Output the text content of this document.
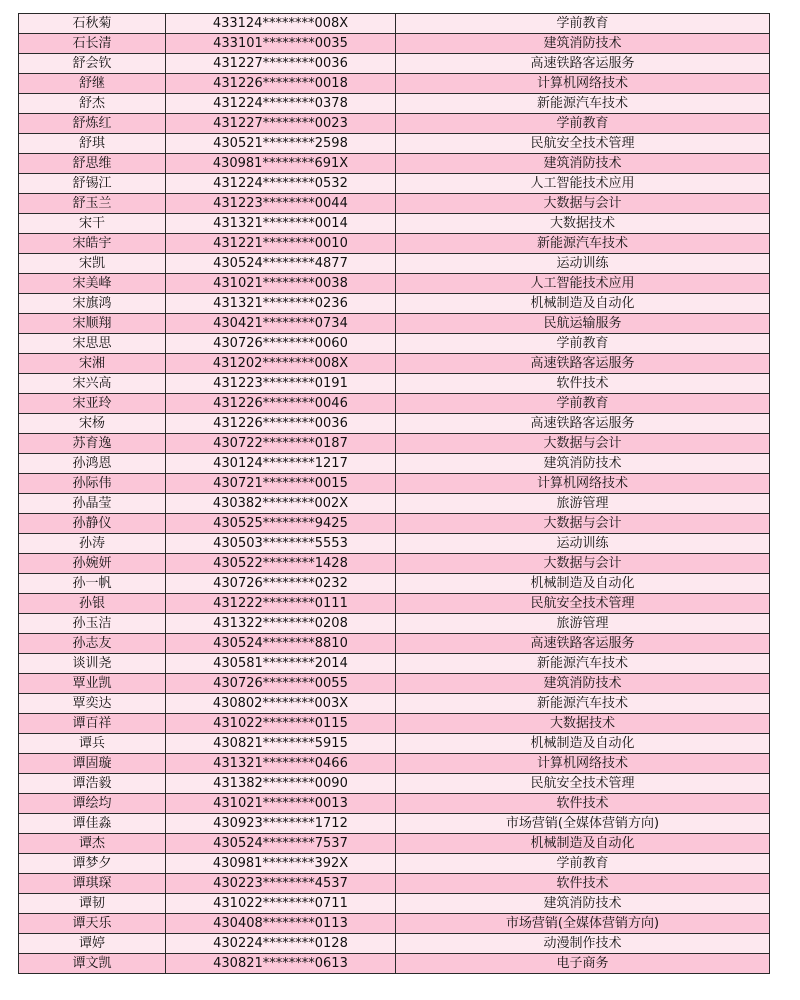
石秋菊	433124********008X	学前教育
石长清	433101********0035	建筑消防技术
舒会钦	431227********0036	高速铁路客运服务
舒继	431226********0018	计算机网络技术
舒杰	431224********0378	新能源汽车技术
舒炼红	431227********0023	学前教育
舒琪	430521********2598	民航安全技术管理
舒思维	430981********691X	建筑消防技术
舒锡江	431224********0532	人工智能技术应用
舒玉兰	431223********0044	大数据与会计
宋干	431321********0014	大数据技术
宋皓宇	431221********0010	新能源汽车技术
宋凯	430524********4877	运动训练
宋美峰	431021********0038	人工智能技术应用
宋旗鸿	431321********0236	机械制造及自动化
宋顺翔	430421********0734	民航运输服务
宋思思	430726********0060	学前教育
宋湘	431202********008X	高速铁路客运服务
宋兴高	431223********0191	软件技术
宋亚玲	431226********0046	学前教育
宋杨	431226********0036	高速铁路客运服务
苏育逸	430722********0187	大数据与会计
孙鸿恩	430124********1217	建筑消防技术
孙际伟	430721********0015	计算机网络技术
孙晶莹	430382********002X	旅游管理
孙静仪	430525********9425	大数据与会计
孙涛	430503********5553	运动训练
孙婉妍	430522********1428	大数据与会计
孙一帆	430726********0232	机械制造及自动化
孙银	431222********0111	民航安全技术管理
孙玉洁	431322********0208	旅游管理
孙志友	430524********8810	高速铁路客运服务
谈训尧	430581********2014	新能源汽车技术
覃业凯	430726********0055	建筑消防技术
覃奕达	430802********003X	新能源汽车技术
谭百祥	431022********0115	大数据技术
谭兵	430821********5915	机械制造及自动化
谭固璇	431321********0466	计算机网络技术
谭浩毅	431382********0090	民航安全技术管理
谭绘均	431021********0013	软件技术
谭佳淼	430923********1712	市场营销(全媒体营销方向)
谭杰	430524********7537	机械制造及自动化
谭梦夕	430981********392X	学前教育
谭琪琛	430223********4537	软件技术
谭韧	431022********0711	建筑消防技术
谭天乐	430408********0113	市场营销(全媒体营销方向)
谭婷	430224********0128	动漫制作技术
谭文凯	430821********0613	电子商务
